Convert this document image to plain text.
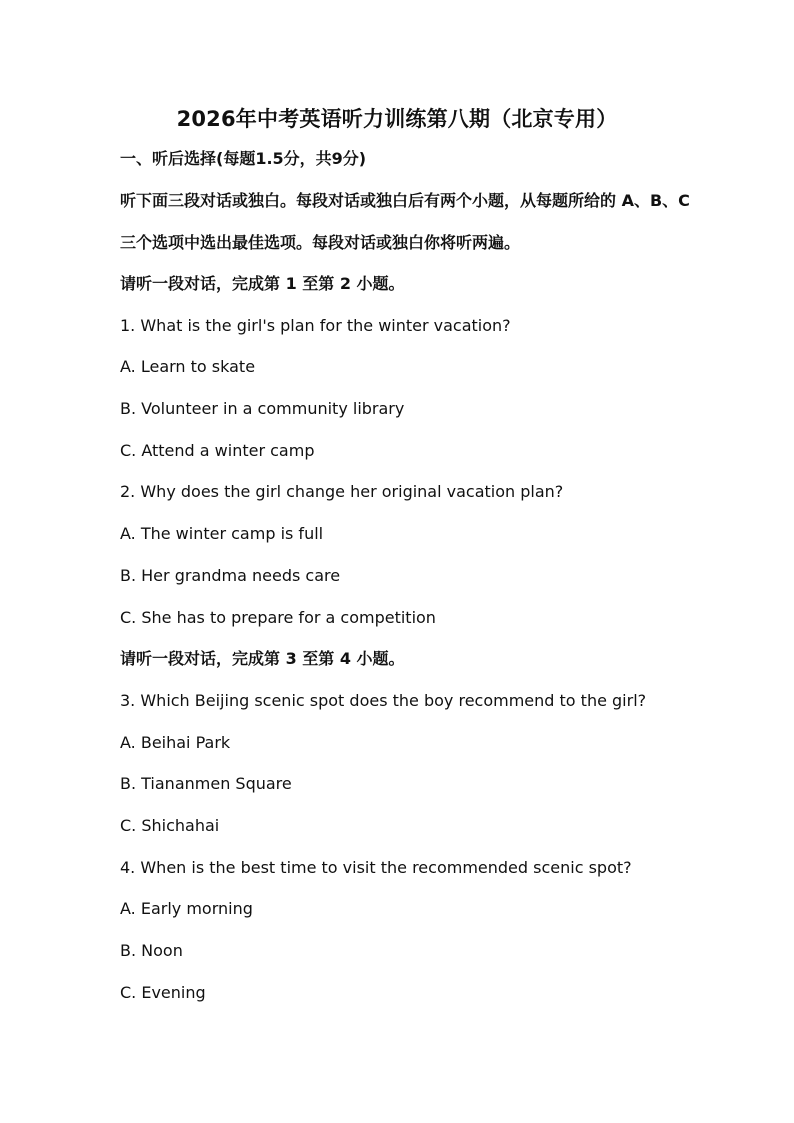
2026年中考英语听力训练第八期（北京专用）
一、听后选择(每题1.5分，共9分)
听下面三段对话或独白。每段对话或独白后有两个小题，从每题所给的 A、B、C
三个选项中选出最佳选项。每段对话或独白你将听两遍。
请听一段对话，完成第 1 至第 2 小题。
1. What is the girl's plan for the winter vacation?
A. Learn to skate
B. Volunteer in a community library
C. Attend a winter camp
2. Why does the girl change her original vacation plan?
A. The winter camp is full
B. Her grandma needs care
C. She has to prepare for a competition
请听一段对话，完成第 3 至第 4 小题。
3. Which Beijing scenic spot does the boy recommend to the girl?
A. Beihai Park
B. Tiananmen Square
C. Shichahai
4. When is the best time to visit the recommended scenic spot?
A. Early morning
B. Noon
C. Evening
